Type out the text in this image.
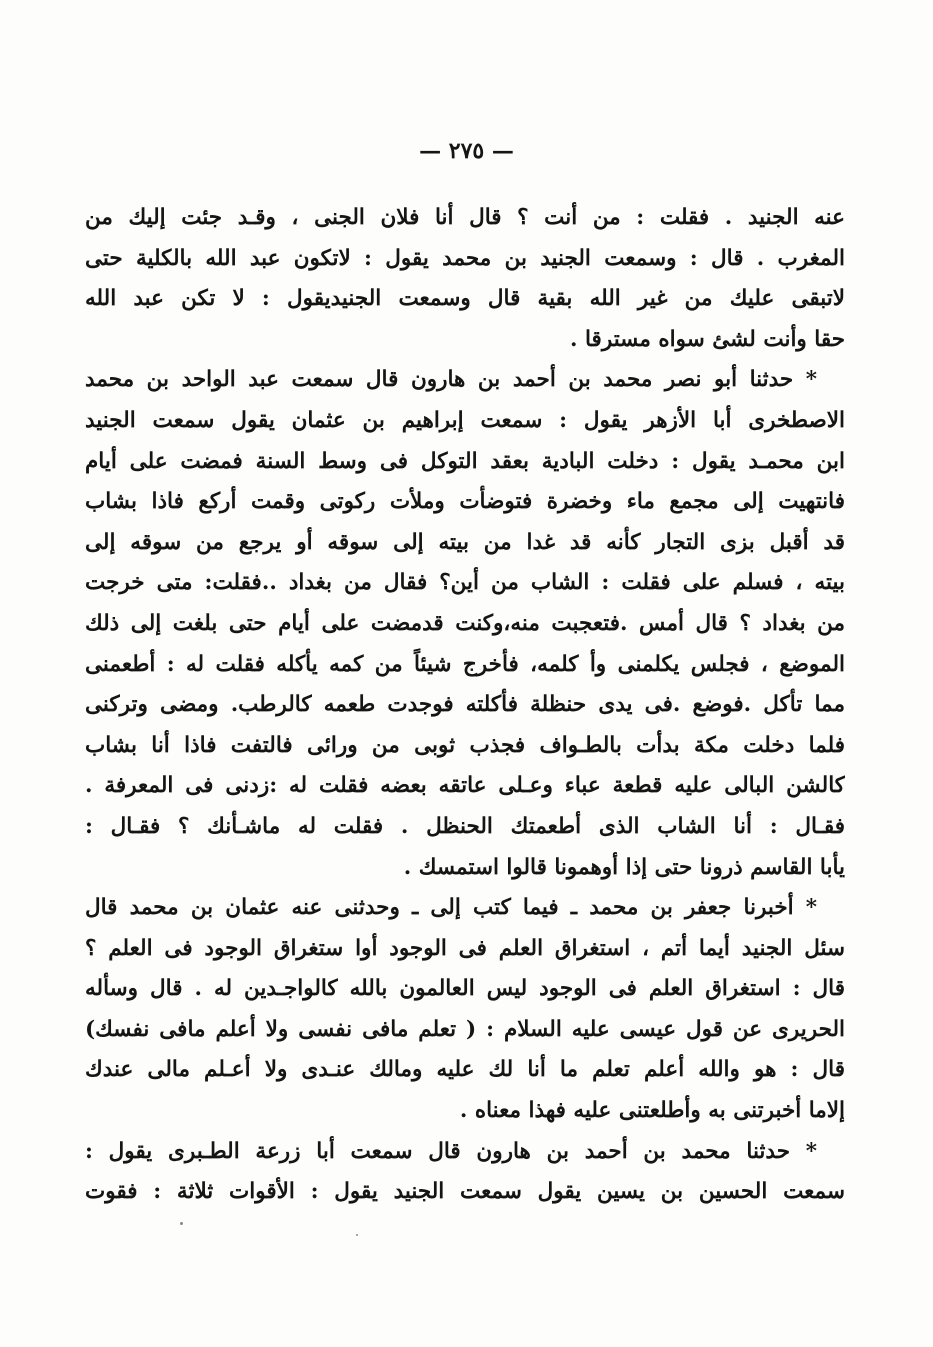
— ٢٧٥ —
عنه الجنيد . فقلت : من أنت ؟ قال أنا فلان الجنى ، وقـد جئت إليك من
المغرب . قال : وسمعت الجنيد بن محمد يقول : لاتكون عبد الله بالكلية حتى
لاتبقى عليك من غير الله بقية قال وسمعت الجنيديقول : لا تكن عبد الله
حقا وأنت لشئ سواه مسترقا .
* حدثنا أبو نصر محمد بن أحمد بن هارون قال سمعت عبد الواحد بن محمد
الاصطخرى أبا الأزهر يقول : سمعت إبراهيم بن عثمان يقول سمعت الجنيد
ابن محمـد يقول : دخلت البادية بعقد التوكل فى وسط السنة فمضت على أيام
فانتهيت إلى مجمع ماء وخضرة فتوضأت وملأت ركوتى وقمت أركع فاذا بشاب
قد أقبل بزى التجار كأنه قد غدا من بيته إلى سوقه أو يرجع من سوقه إلى
بيته ، فسلم على فقلت : الشاب من أين؟ فقال من بغداد ..فقلت: متى خرجت
من بغداد ؟ قال أمس .فتعجبت منه،وكنت قدمضت على أيام حتى بلغت إلى ذلك
الموضع ، فجلس يكلمنى وأ كلمه، فأخرج شيئاً من كمه يأكله فقلت له : أطعمنى
مما تأكل .فوضع .فى يدى حنظلة فأكلته فوجدت طعمه كالرطب. ومضى وتركنى
فلما دخلت مكة بدأت بالطـواف فجذب ثوبى من ورائى فالتفت فاذا أنا بشاب
كالشن البالى عليه قطعة عباء وعـلى عاتقه بعضه فقلت له :زدنى فى المعرفة .
فقـال : أنا الشاب الذى أطعمتك الحنظل . فقلت له ماشـأنك ؟ فقـال :
يأبا القاسم ذرونا حتى إذا أوهمونا قالوا استمسك .
* أخبرنا جعفر بن محمد ـ فيما كتب إلى ـ وحدثنى عنه عثمان بن محمد قال
سئل الجنيد أيما أتم ، استغراق العلم فى الوجود أوا ستغراق الوجود فى العلم ؟
قال : استغراق العلم فى الوجود ليس العالمون بالله كالواجـدين له . قال وسأله
الحريرى عن قول عيسى عليه السلام : ( تعلم مافى نفسى ولا أعلم مافى نفسك)
قال : هو والله أعلم تعلم ما أنا لك عليه ومالك عنـدى ولا أعـلم مالى عندك
إلاما أخبرتنى به وأطلعتنى عليه فهذا معناه .
* حدثنا محمد بن أحمد بن هارون قال سمعت أبا زرعة الطـبرى يقول :
سمعت الحسين بن يسين يقول سمعت الجنيد يقول : الأقوات ثلاثة : فقوت
